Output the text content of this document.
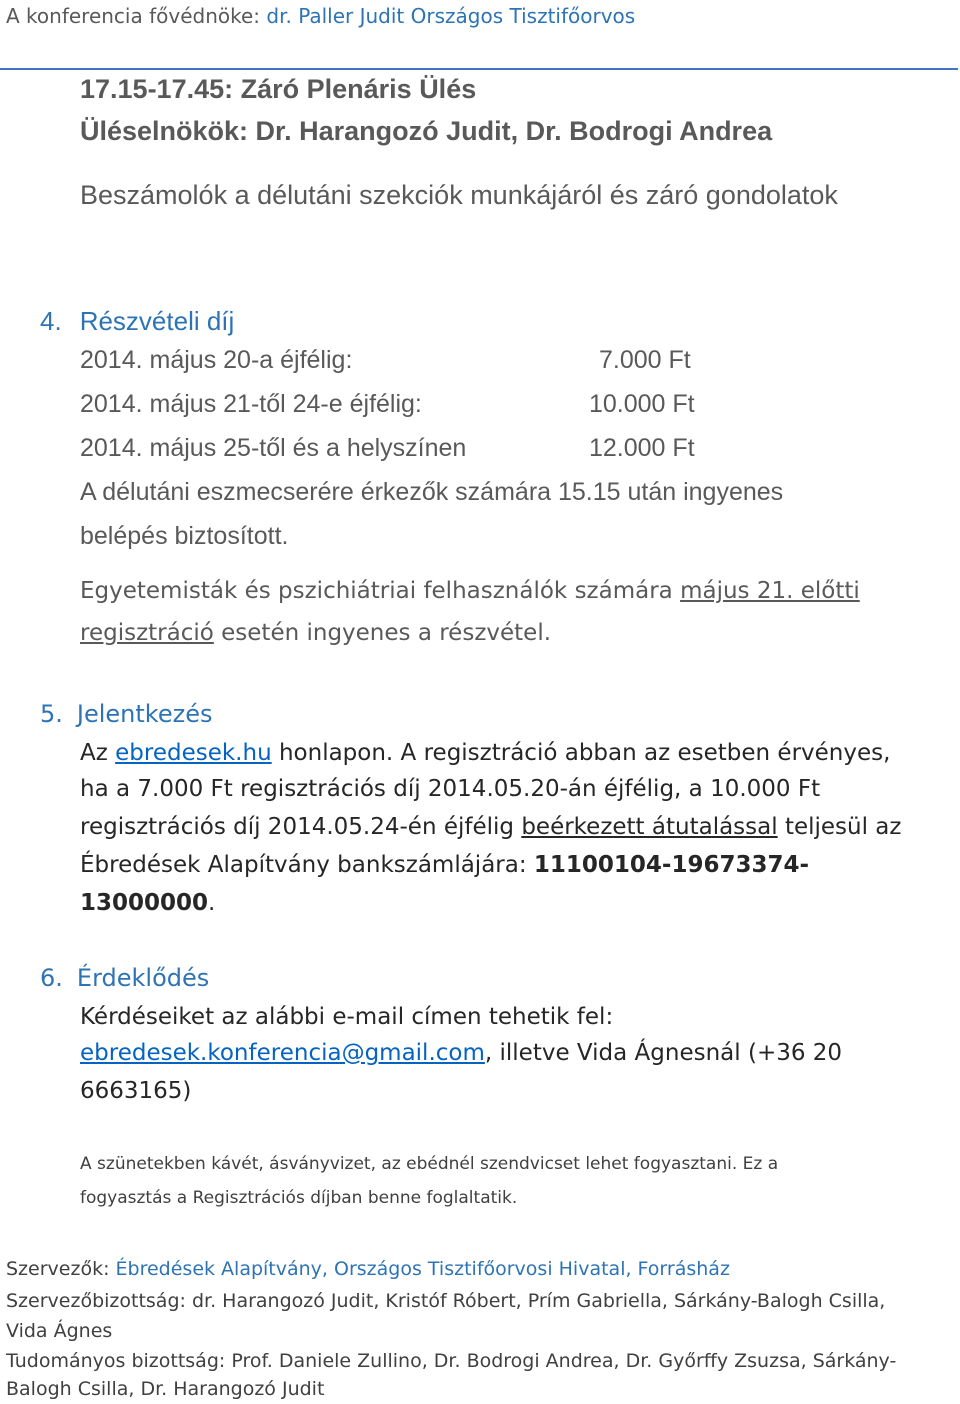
A konferencia fővédnöke: dr. Paller Judit Országos Tisztifőorvos
17.15-17.45: Záró Plenáris Ülés
Üléselnökök: Dr. Harangozó Judit, Dr. Bodrogi Andrea
Beszámolók a délutáni szekciók munkájáról és záró gondolatok
4. Részvételi díj
2014. május 20-a éjfélig:	7.000 Ft
2014. május 21-től 24-e éjfélig:	10.000 Ft
2014. május 25-től és a helyszínen	12.000 Ft
A délutáni eszmecserére érkezők számára 15.15 után ingyenes
belépés biztosított.
Egyetemisták és pszichiátriai felhasználók számára május 21. előtti
regisztráció esetén ingyenes a részvétel.
5. Jelentkezés
Az ebredesek.hu honlapon. A regisztráció abban az esetben érvényes,
ha a 7.000 Ft regisztrációs díj 2014.05.20-án éjfélig, a 10.000 Ft
regisztrációs díj 2014.05.24-én éjfélig beérkezett átutalással teljesül az
Ébredések Alapítvány bankszámlájára: 11100104-19673374-
13000000.
6. Érdeklődés
Kérdéseiket az alábbi e-mail címen tehetik fel:
ebredesek.konferencia@gmail.com, illetve Vida Ágnesnál (+36 20
6663165)
A szünetekben kávét, ásványvizet, az ebédnél szendvicset lehet fogyasztani. Ez a
fogyasztás a Regisztrációs díjban benne foglaltatik.
Szervezők: Ébredések Alapítvány, Országos Tisztifőorvosi Hivatal, Forrásház
Szervezőbizottság: dr. Harangozó Judit, Kristóf Róbert, Prím Gabriella, Sárkány-Balogh Csilla,
Vida Ágnes
Tudományos bizottság: Prof. Daniele Zullino, Dr. Bodrogi Andrea, Dr. Győrffy Zsuzsa, Sárkány-
Balogh Csilla, Dr. Harangozó Judit
